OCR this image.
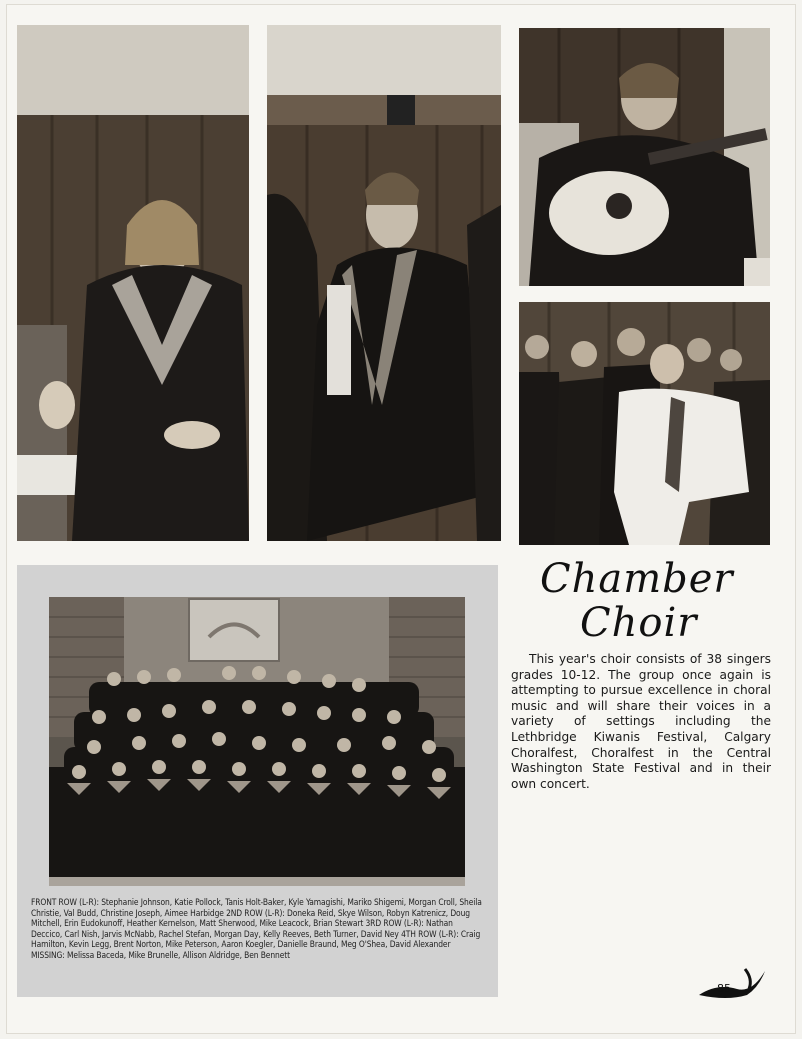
Chamber
Choir

This year's choir consists of 38 singers grades 10-12. The group once again is attempting to pursue excellence in choral music and will share their voices in a variety of settings including the Lethbridge Kiwanis Festival, Calgary Choralfest, Choralfest in the Central Washington State Festival and in their own concert.

FRONT ROW (L-R): Stephanie Johnson, Katie Pollock, Tanis Holt-Baker, Kyle Yamagishi, Mariko Shigemi, Morgan Croll, Sheila Christie, Val Budd, Christine Joseph, Aimee Harbidge 2ND ROW (L-R): Doneka Reid, Skye Wilson, Robyn Katrenicz, Doug Mitchell, Erin Eudokunoff, Heather Kernelson, Matt Sherwood, Mike Leacock, Brian Stewart 3RD ROW (L-R): Nathan Deccico, Carl Nish, Jarvis McNabb, Rachel Stefan, Morgan Day, Kelly Reeves, Beth Turner, David Ney 4TH ROW (L-R): Craig Hamilton, Kevin Legg, Brent Norton, Mike Peterson, Aaron Koegler, Danielle Braund, Meg O'Shea, David Alexander MISSING: Melissa Baceda, Mike Brunelle, Allison Aldridge, Ben Bennett

85
